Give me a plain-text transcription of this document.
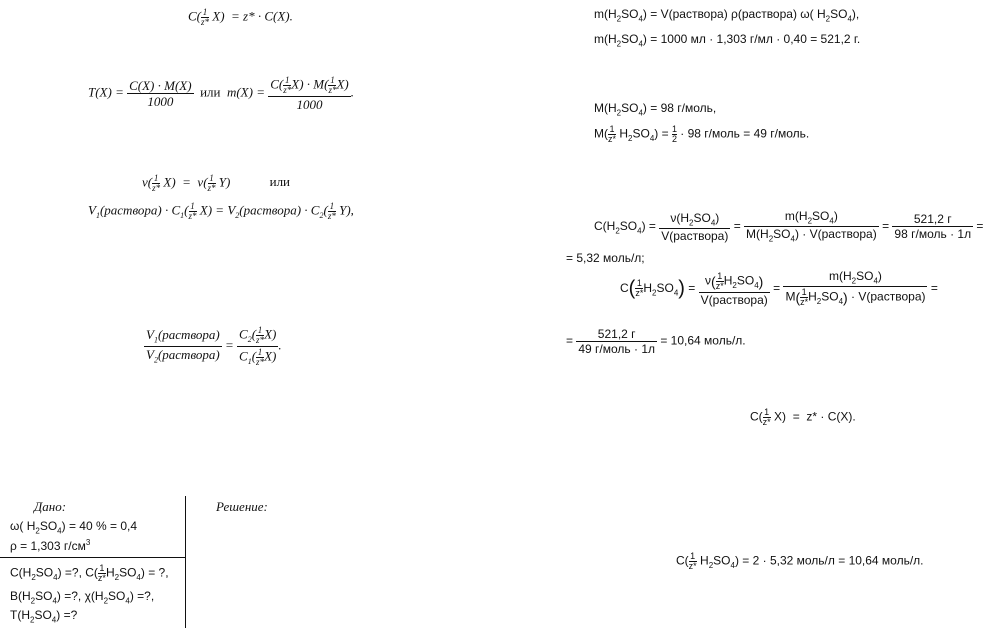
$C( \frac{1}{z*} X) = z* \cdot C(X)$.
$T(X) = \frac{C(X) \cdot M(X)}{1000}$ или  $m(X) = \frac{C( \frac{1}{z*} X) \cdot M( \frac{1}{z*} X)}{1000}$ .
$\nu( \frac{1}{z*} X) = \nu( \frac{1}{z*} Y)$	или
$V_1(раствора) \cdot C_1( \frac{1}{z*} X)$ = $V_2(раствора) \cdot C_2( \frac{1}{z*} Y)$,
$\frac{V_1(раствора)}{V_2(раствора)} = \frac{C_2( \frac{1}{z*} X)}{C_1( \frac{1}{z*} X)}$ .
Дано:
ω( $H_2SO_4) = 40$ % = 0,4
ρ = 1,303 $г/см^3$
$C(H_2SO_4)$ =?, $C( \frac{1}{z*} H_2SO_4)$ = ?,
$B(H_2SO_4)$ =?, $\chi(H_2SO_4)$ =?,
$T(H_2SO_4)$ =?
Решение:
$m(H_2SO_4)$ = V(раствора) ρ(раствора) ω( $H_2SO_4$),
$m(H_2SO_4) = 1000$ мл · 1,303 г/мл · 0,40 = 521,2 г.
$M(H_2SO_4) = 98$ г/моль,
$M( \frac{1}{z*} H_2SO_4) = \frac{1}{2} \cdot 98$ г/моль = 49 г/моль.
$C(H_2SO_4) = \frac{\nu(H_2SO_4)}{\text{V(раствора)}} = \frac{m(H_2SO_4)}{M(H_2SO_4) \cdot V(раствора)} = \frac{521,2 г}{\text{98 г/моль · 1л}}$ =
= 5,32 моль/л;
$C( \frac{1}{z*} H_2SO_4) = \frac{\nu( \frac{1}{z*} H_2SO_4)}{\text{V(раствора)}} = \frac{m(H_2SO_4)}{M( \frac{1}{z*} H_2SO_4) \cdot V(раствора)}$ =
= $\frac{521,2 г}{\text{49 г/моль · 1л}} = 10,64$ моль/л.
$C( \frac{1}{z*} X) = z* \cdot C(X)$.
$C( \frac{1}{z*} H_2SO_4) = 2 \cdot 5,32$ моль/л = 10,64 моль/л.
